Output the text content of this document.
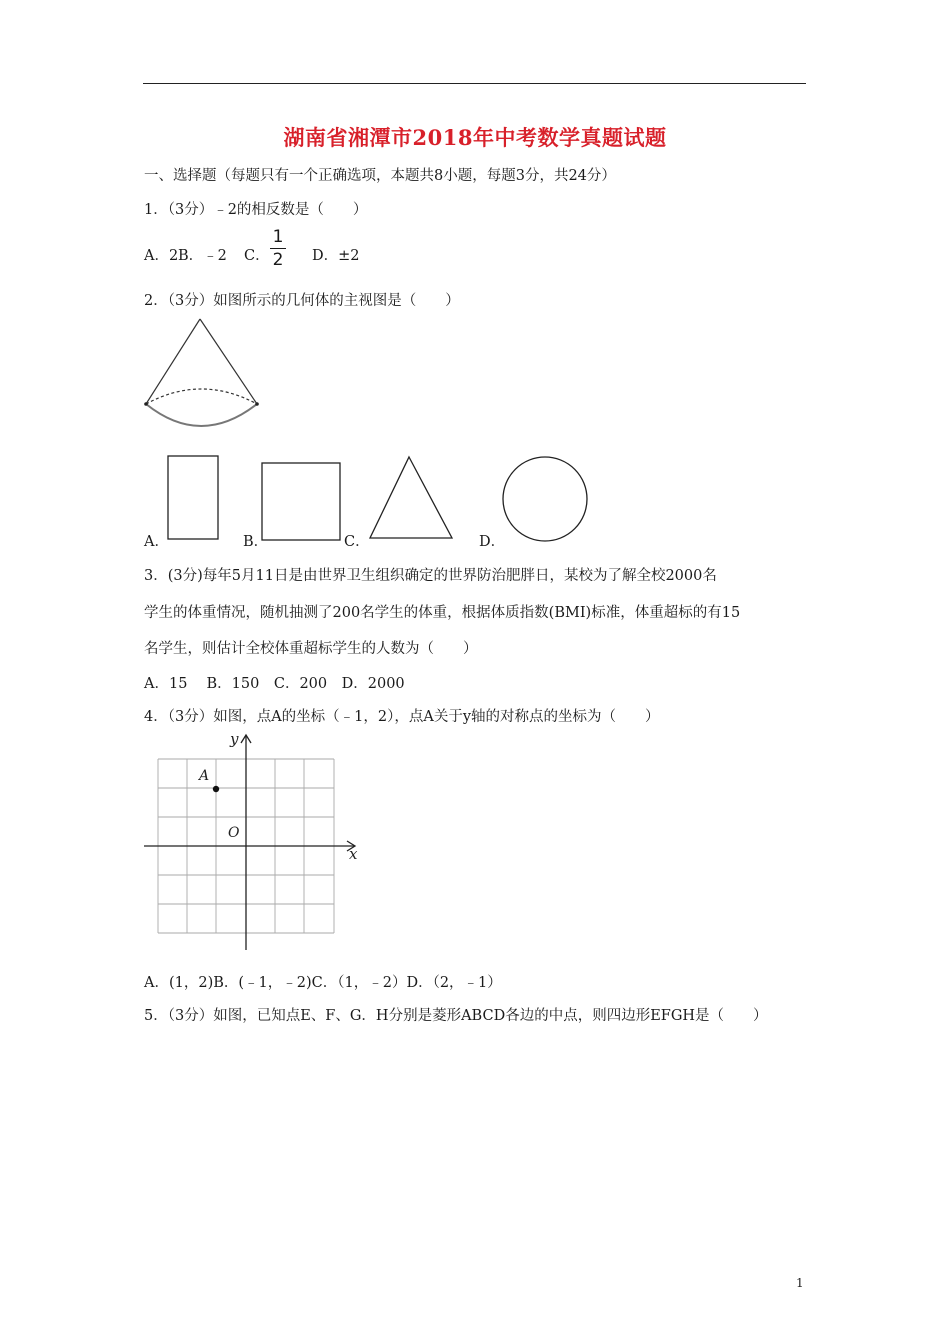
湖南省湘潭市2018年中考数学真题试题
一、选择题（每题只有一个正确选项，本题共8小题，每题3分，共24分）
1．（3分）﹣2的相反数是（　　）
A．2 B．﹣2 C．
1
2 D．±2
2．（3分）如图所示的几何体的主视图是（　　）
A．	B．	C．	D．
3．(3分)每年5月11日是由世界卫生组织确定的世界防治肥胖日，某校为了解全校2000名
学生的体重情况，随机抽测了200名学生的体重，根据体质指数(BMI)标准，体重超标的有15
名学生，则估计全校体重超标学生的人数为（　　）
A．15　 B．150　C．200　D．2000
4．（3分）如图，点A的坐标（﹣1，2），点A关于y轴的对称点的坐标为（　　）
y
x
A
O
A．(1，2)B．(﹣1，﹣2)C．（1，﹣2）D．（2，﹣1）
5．（3分）如图，已知点E、F、G．H分别是菱形ABCD各边的中点，则四边形EFGH是（　　）
1
